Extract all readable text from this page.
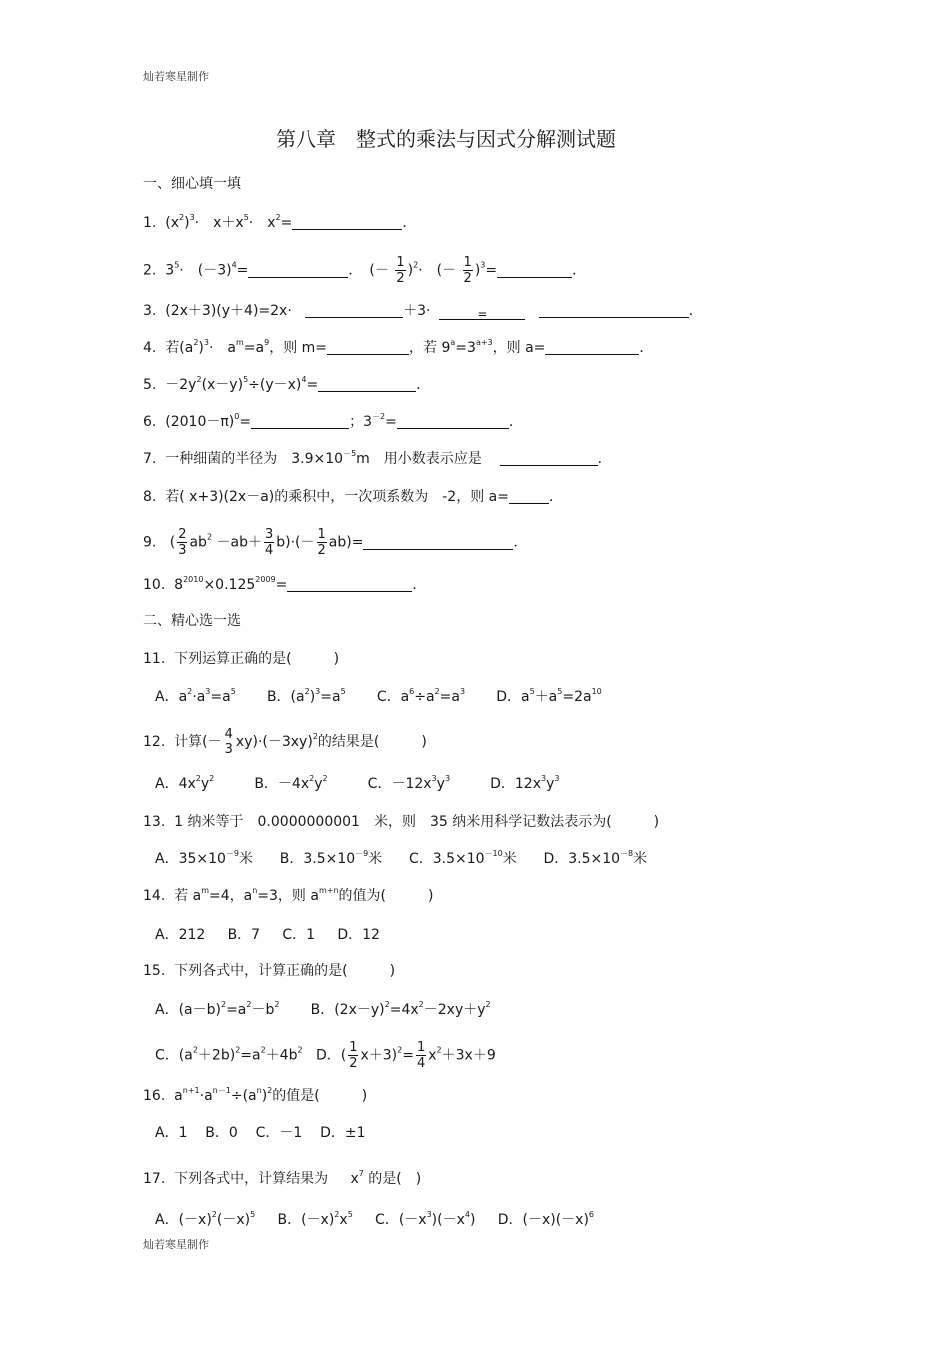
灿若寒星制作
第八章　整式的乘法与因式分解测试题
一、细心填一填
1. $(x^2)^3\cdot$　$x+x^5\cdot$　$x^2=$	．
2. $3^5\cdot$　$(-3)^4=$	．　(－ $\frac{1}{2} )^2\cdot$　(－ $\frac{1}{2} )^3=$	．
3. (2x＋3)(y＋4)=2x·	＋3·	=	．
4. 若$(a^2)^3\cdot$　$a^m=a^9$，则 m=	，若 $9^a=3^{a+3}$，则 a=	．
5. $-2y^2(x-y)^5\div(y-x)^4=$	．
6. $(2010-\pi)^0=$	；$3^{-2}=$	．
7. 一种细菌的半径为　$3.9\times 10^{-5}m$　用小数表示应是	．
8. 若( x+3)(2x－a)的乘积中，一次项系数为　-2，则 a=	．
9. ( $\frac{2}{3} ab^2 -ab+ \frac{3}{4} b)\cdot(- \frac{1}{2} ab)=$	．
10. $8^{2010}\times 0.125^{2009}=$	．
二、精心选一选
11. 下列运算正确的是(　　　)
A．$a^2\cdot a^3=a^5$ B．$(a^2)^3=a^5$ C．$a^6\div a^2=a^3$ D．$a^5+a^5=2a^{10}$
12. 计算(－ 4
3 $xy)\cdot(-3xy)^2$的结果是(　　　)
A．$4x^2y^2$	B．$-4x^2y^2$	C．$-12x^3y^3$	D．$12x^3y^3$
13. 1 纳米等于　0.0000000001　米，则　35 纳米用科学记数法表示为(　　　)
A．$35\times 10^{-9}$米 B．$3.5\times 10^{-9}$米 C．$3.5\times 10^{-10}$米 D．$3.5\times 10^{-8}$米
14. 若 $a^m=4$，$a^n=3$，则 $a^{m+n}$的值为(　　　)
A．212 B．7 C．1 D．12
15. 下列各式中，计算正确的是(　　　)
A．$(a-b)^2=a^2-b^2$ B．$(2x-y)^2=4x^2-2xy+y^2$
C．$(a^2+2b)^2=a^2+4b^2$ D．( $\frac{1}{2} x+3)^2= \frac{1}{4} x^2+3x+9$
16. $a^{n+1}\cdot a^{n-1}\div(a^n)^2$的值是(　　　)
A．1 B．0 C．－1 D．±1
17. 下列各式中，计算结果为 $x^7$ 的是(　)
A．$(-x)^2(-x)^5$ B．$(-x)^2x^5$ C．$(-x^3)(-x^4)$ D．$(-x)(-x)^6$
灿若寒星制作
